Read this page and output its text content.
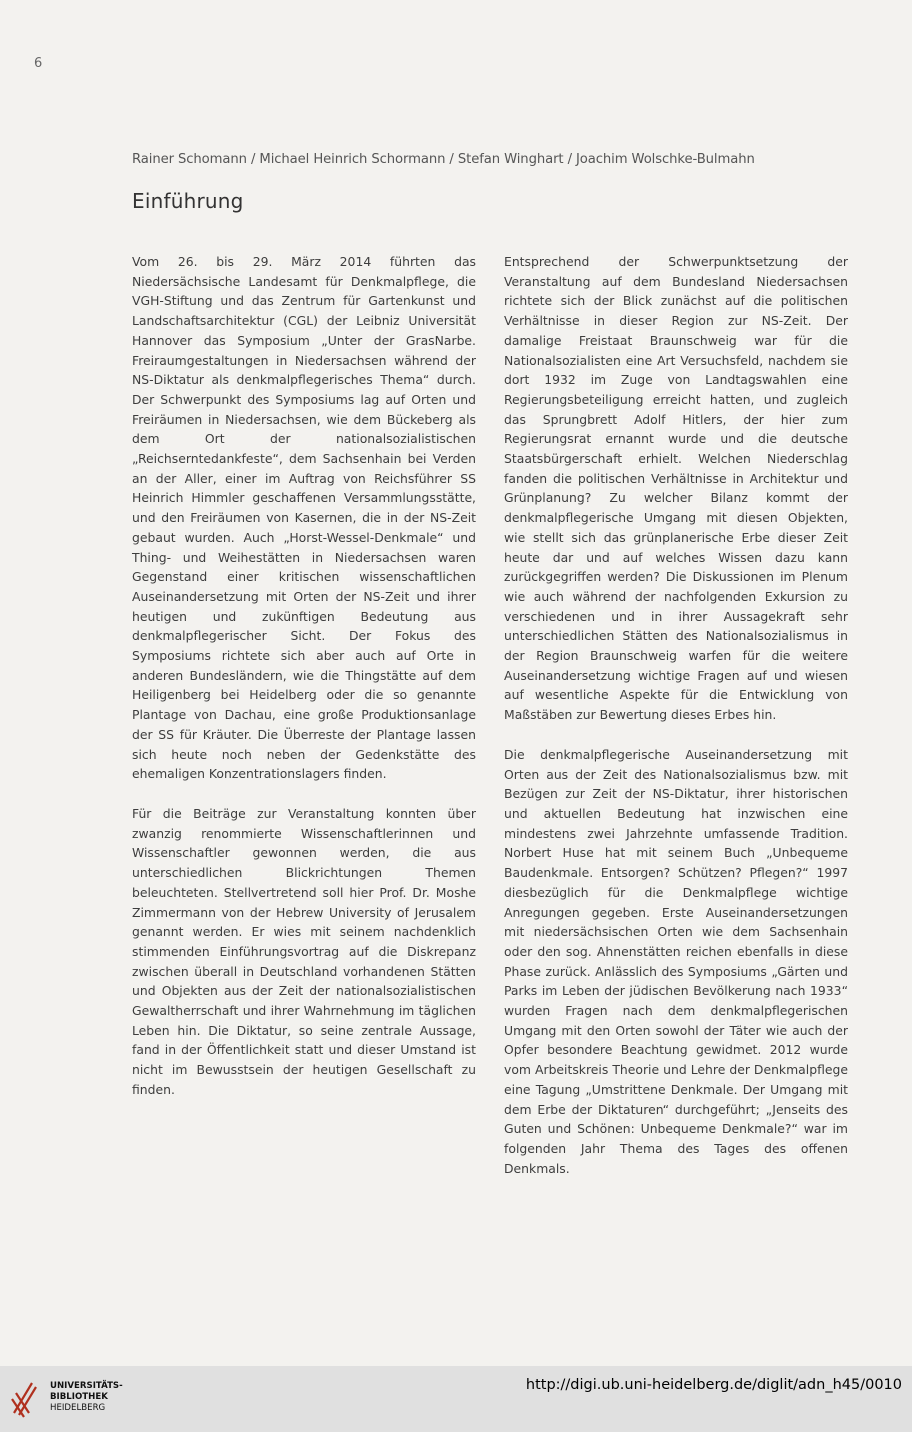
6
Rainer Schomann / Michael Heinrich Schormann / Stefan Winghart / Joachim Wolschke-Bulmahn
Einführung

Vom 26. bis 29. März 2014 führten das Niedersächsische Landesamt für Denkmalpflege, die VGH-Stiftung und das Zentrum für Gartenkunst und Landschaftsarchitektur (CGL) der Leibniz Universität Hannover das Symposium „Unter der GrasNarbe. Freiraumgestaltungen in Niedersachsen während der NS-Diktatur als denkmalpflegerisches Thema“ durch. Der Schwerpunkt des Symposiums lag auf Orten und Freiräumen in Niedersachsen, wie dem Bückeberg als dem Ort der nationalsozialistischen „Reichserntedankfeste“, dem Sachsenhain bei Verden an der Aller, einer im Auftrag von Reichsführer SS Heinrich Himmler geschaffenen Versammlungsstätte, und den Freiräumen von Kasernen, die in der NS-Zeit gebaut wurden. Auch „Horst-Wessel-Denkmale“ und Thing- und Weihestätten in Niedersachsen waren Gegenstand einer kritischen wissenschaftlichen Auseinandersetzung mit Orten der NS-Zeit und ihrer heutigen und zukünftigen Bedeutung aus denkmalpflegerischer Sicht. Der Fokus des Symposiums richtete sich aber auch auf Orte in anderen Bundesländern, wie die Thingstätte auf dem Heiligenberg bei Heidelberg oder die so genannte Plantage von Dachau, eine große Produktionsanlage der SS für Kräuter. Die Überreste der Plantage lassen sich heute noch neben der Gedenkstätte des ehemaligen Konzentrationslagers finden.

Für die Beiträge zur Veranstaltung konnten über zwanzig renommierte Wissenschaftlerinnen und Wissenschaftler gewonnen werden, die aus unterschiedlichen Blickrichtungen Themen beleuchteten. Stellvertretend soll hier Prof. Dr. Moshe Zimmermann von der Hebrew University of Jerusalem genannt werden. Er wies mit seinem nachdenklich stimmenden Einführungsvortrag auf die Diskrepanz zwischen überall in Deutschland vorhandenen Stätten und Objekten aus der Zeit der nationalsozialistischen Gewaltherrschaft und ihrer Wahrnehmung im täglichen Leben hin. Die Diktatur, so seine zentrale Aussage, fand in der Öffentlichkeit statt und dieser Umstand ist nicht im Bewusstsein der heutigen Gesellschaft zu finden.

Entsprechend der Schwerpunktsetzung der Veranstaltung auf dem Bundesland Niedersachsen richtete sich der Blick zunächst auf die politischen Verhältnisse in dieser Region zur NS-Zeit. Der damalige Freistaat Braunschweig war für die Nationalsozialisten eine Art Versuchsfeld, nachdem sie dort 1932 im Zuge von Landtagswahlen eine Regierungsbeteiligung erreicht hatten, und zugleich das Sprungbrett Adolf Hitlers, der hier zum Regierungsrat ernannt wurde und die deutsche Staatsbürgerschaft erhielt. Welchen Niederschlag fanden die politischen Verhältnisse in Architektur und Grünplanung? Zu welcher Bilanz kommt der denkmalpflegerische Umgang mit diesen Objekten, wie stellt sich das grünplanerische Erbe dieser Zeit heute dar und auf welches Wissen dazu kann zurückgegriffen werden? Die Diskussionen im Plenum wie auch während der nachfolgenden Exkursion zu verschiedenen und in ihrer Aussagekraft sehr unterschiedlichen Stätten des Nationalsozialismus in der Region Braunschweig warfen für die weitere Auseinandersetzung wichtige Fragen auf und wiesen auf wesentliche Aspekte für die Entwicklung von Maßstäben zur Bewertung dieses Erbes hin.

Die denkmalpflegerische Auseinandersetzung mit Orten aus der Zeit des Nationalsozialismus bzw. mit Bezügen zur Zeit der NS-Diktatur, ihrer historischen und aktuellen Bedeutung hat inzwischen eine mindestens zwei Jahrzehnte umfassende Tradition. Norbert Huse hat mit seinem Buch „Unbequeme Baudenkmale. Entsorgen? Schützen? Pflegen?“ 1997 diesbezüglich für die Denkmalpflege wichtige Anregungen gegeben. Erste Auseinandersetzungen mit niedersächsischen Orten wie dem Sachsenhain oder den sog. Ahnenstätten reichen ebenfalls in diese Phase zurück. Anlässlich des Symposiums „Gärten und Parks im Leben der jüdischen Bevölkerung nach 1933“ wurden Fragen nach dem denkmalpflegerischen Umgang mit den Orten sowohl der Täter wie auch der Opfer besondere Beachtung gewidmet. 2012 wurde vom Arbeitskreis Theorie und Lehre der Denkmalpflege eine Tagung „Umstrittene Denkmale. Der Umgang mit dem Erbe der Diktaturen“ durchgeführt; „Jenseits des Guten und Schönen: Unbequeme Denkmale?“ war im folgenden Jahr Thema des Tages des offenen Denkmals.

UNIVERSITÄTS-
BIBLIOTHEK
HEIDELBERG
http://digi.ub.uni-heidelberg.de/diglit/adn_h45/0010
